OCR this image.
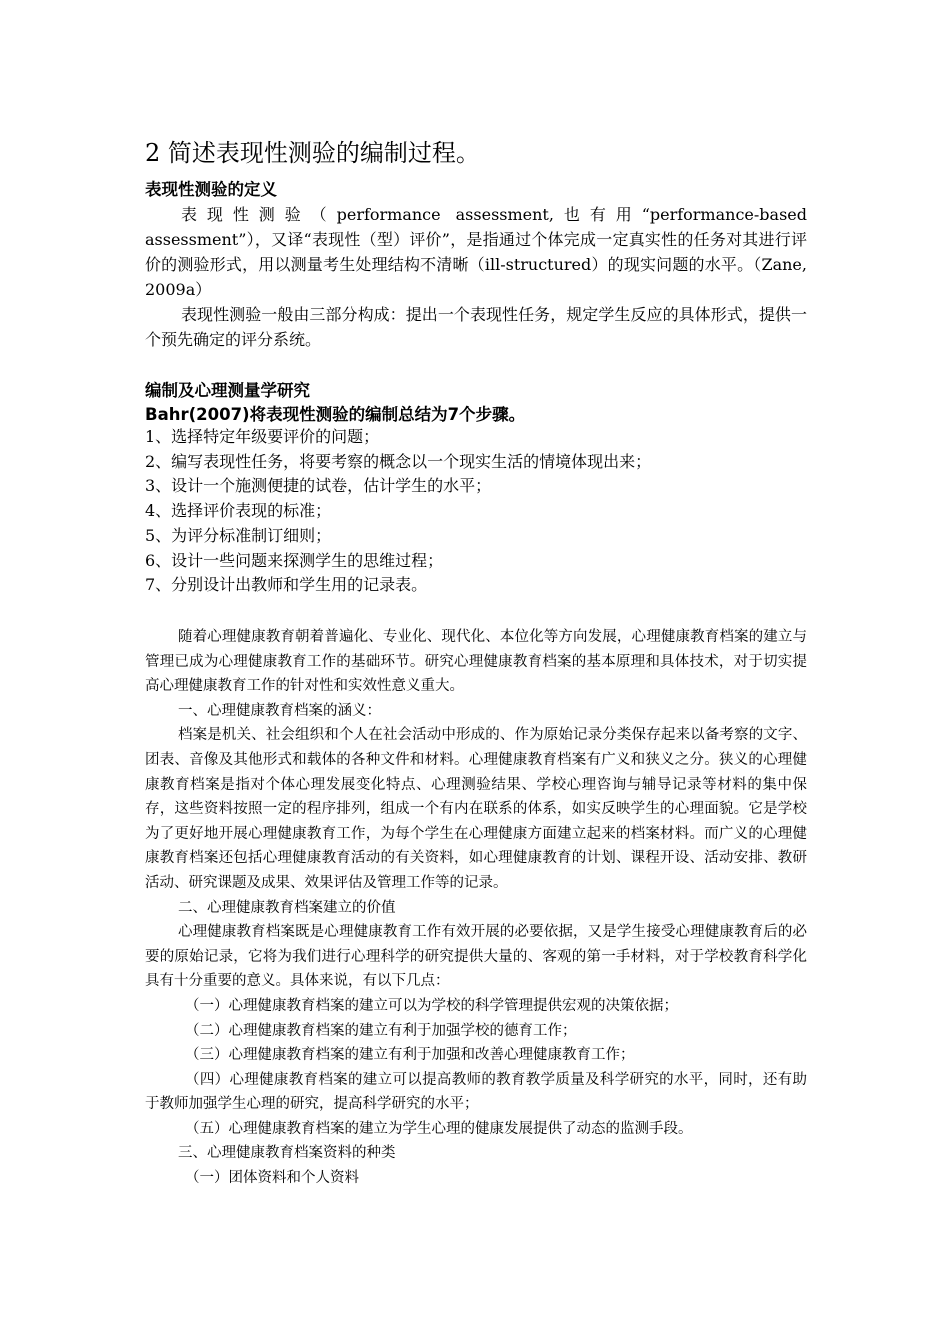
2 简述表现性测验的编制过程。
表现性测验的定义

表现性测验（performance assessment,也有用“performance-based assessment”），又译“表现性（型）评价”，是指通过个体完成一定真实性的任务对其进行评价的测验形式，用以测量考生处理结构不清晰（ill-structured）的现实问题的水平。（Zane, 2009a）

表现性测验一般由三部分构成：提出一个表现性任务，规定学生反应的具体形式，提供一个预先确定的评分系统。

编制及心理测量学研究
Bahr(2007)将表现性测验的编制总结为7个步骤。
1、选择特定年级要评价的问题；
2、编写表现性任务，将要考察的概念以一个现实生活的情境体现出来；
3、设计一个施测便捷的试卷，估计学生的水平；
4、选择评价表现的标准；
5、为评分标准制订细则；
6、设计一些问题来探测学生的思维过程；
7、分别设计出教师和学生用的记录表。

随着心理健康教育朝着普遍化、专业化、现代化、本位化等方向发展，心理健康教育档案的建立与管理已成为心理健康教育工作的基础环节。研究心理健康教育档案的基本原理和具体技术，对于切实提高心理健康教育工作的针对性和实效性意义重大。

一、心理健康教育档案的涵义：

档案是机关、社会组织和个人在社会活动中形成的、作为原始记录分类保存起来以备考察的文字、团表、音像及其他形式和载体的各种文件和材料。心理健康教育档案有广义和狭义之分。狭义的心理健康教育档案是指对个体心理发展变化特点、心理测验结果、学校心理咨询与辅导记录等材料的集中保存，这些资料按照一定的程序排列，组成一个有内在联系的体系，如实反映学生的心理面貌。它是学校为了更好地开展心理健康教育工作，为每个学生在心理健康方面建立起来的档案材料。而广义的心理健康教育档案还包括心理健康教育活动的有关资料，如心理健康教育的计划、课程开设、活动安排、教研活动、研究课题及成果、效果评估及管理工作等的记录。

二、心理健康教育档案建立的价值

心理健康教育档案既是心理健康教育工作有效开展的必要依据，又是学生接受心理健康教育后的必要的原始记录，它将为我们进行心理科学的研究提供大量的、客观的第一手材料，对于学校教育科学化具有十分重要的意义。具体来说，有以下几点：

（一）心理健康教育档案的建立可以为学校的科学管理提供宏观的决策依据；

（二）心理健康教育档案的建立有利于加强学校的德育工作；

（三）心理健康教育档案的建立有利于加强和改善心理健康教育工作；

（四）心理健康教育档案的建立可以提高教师的教育教学质量及科学研究的水平，同时，还有助于教师加强学生心理的研究，提高科学研究的水平；

（五）心理健康教育档案的建立为学生心理的健康发展提供了动态的监测手段。

三、心理健康教育档案资料的种类

（一）团体资料和个人资料
